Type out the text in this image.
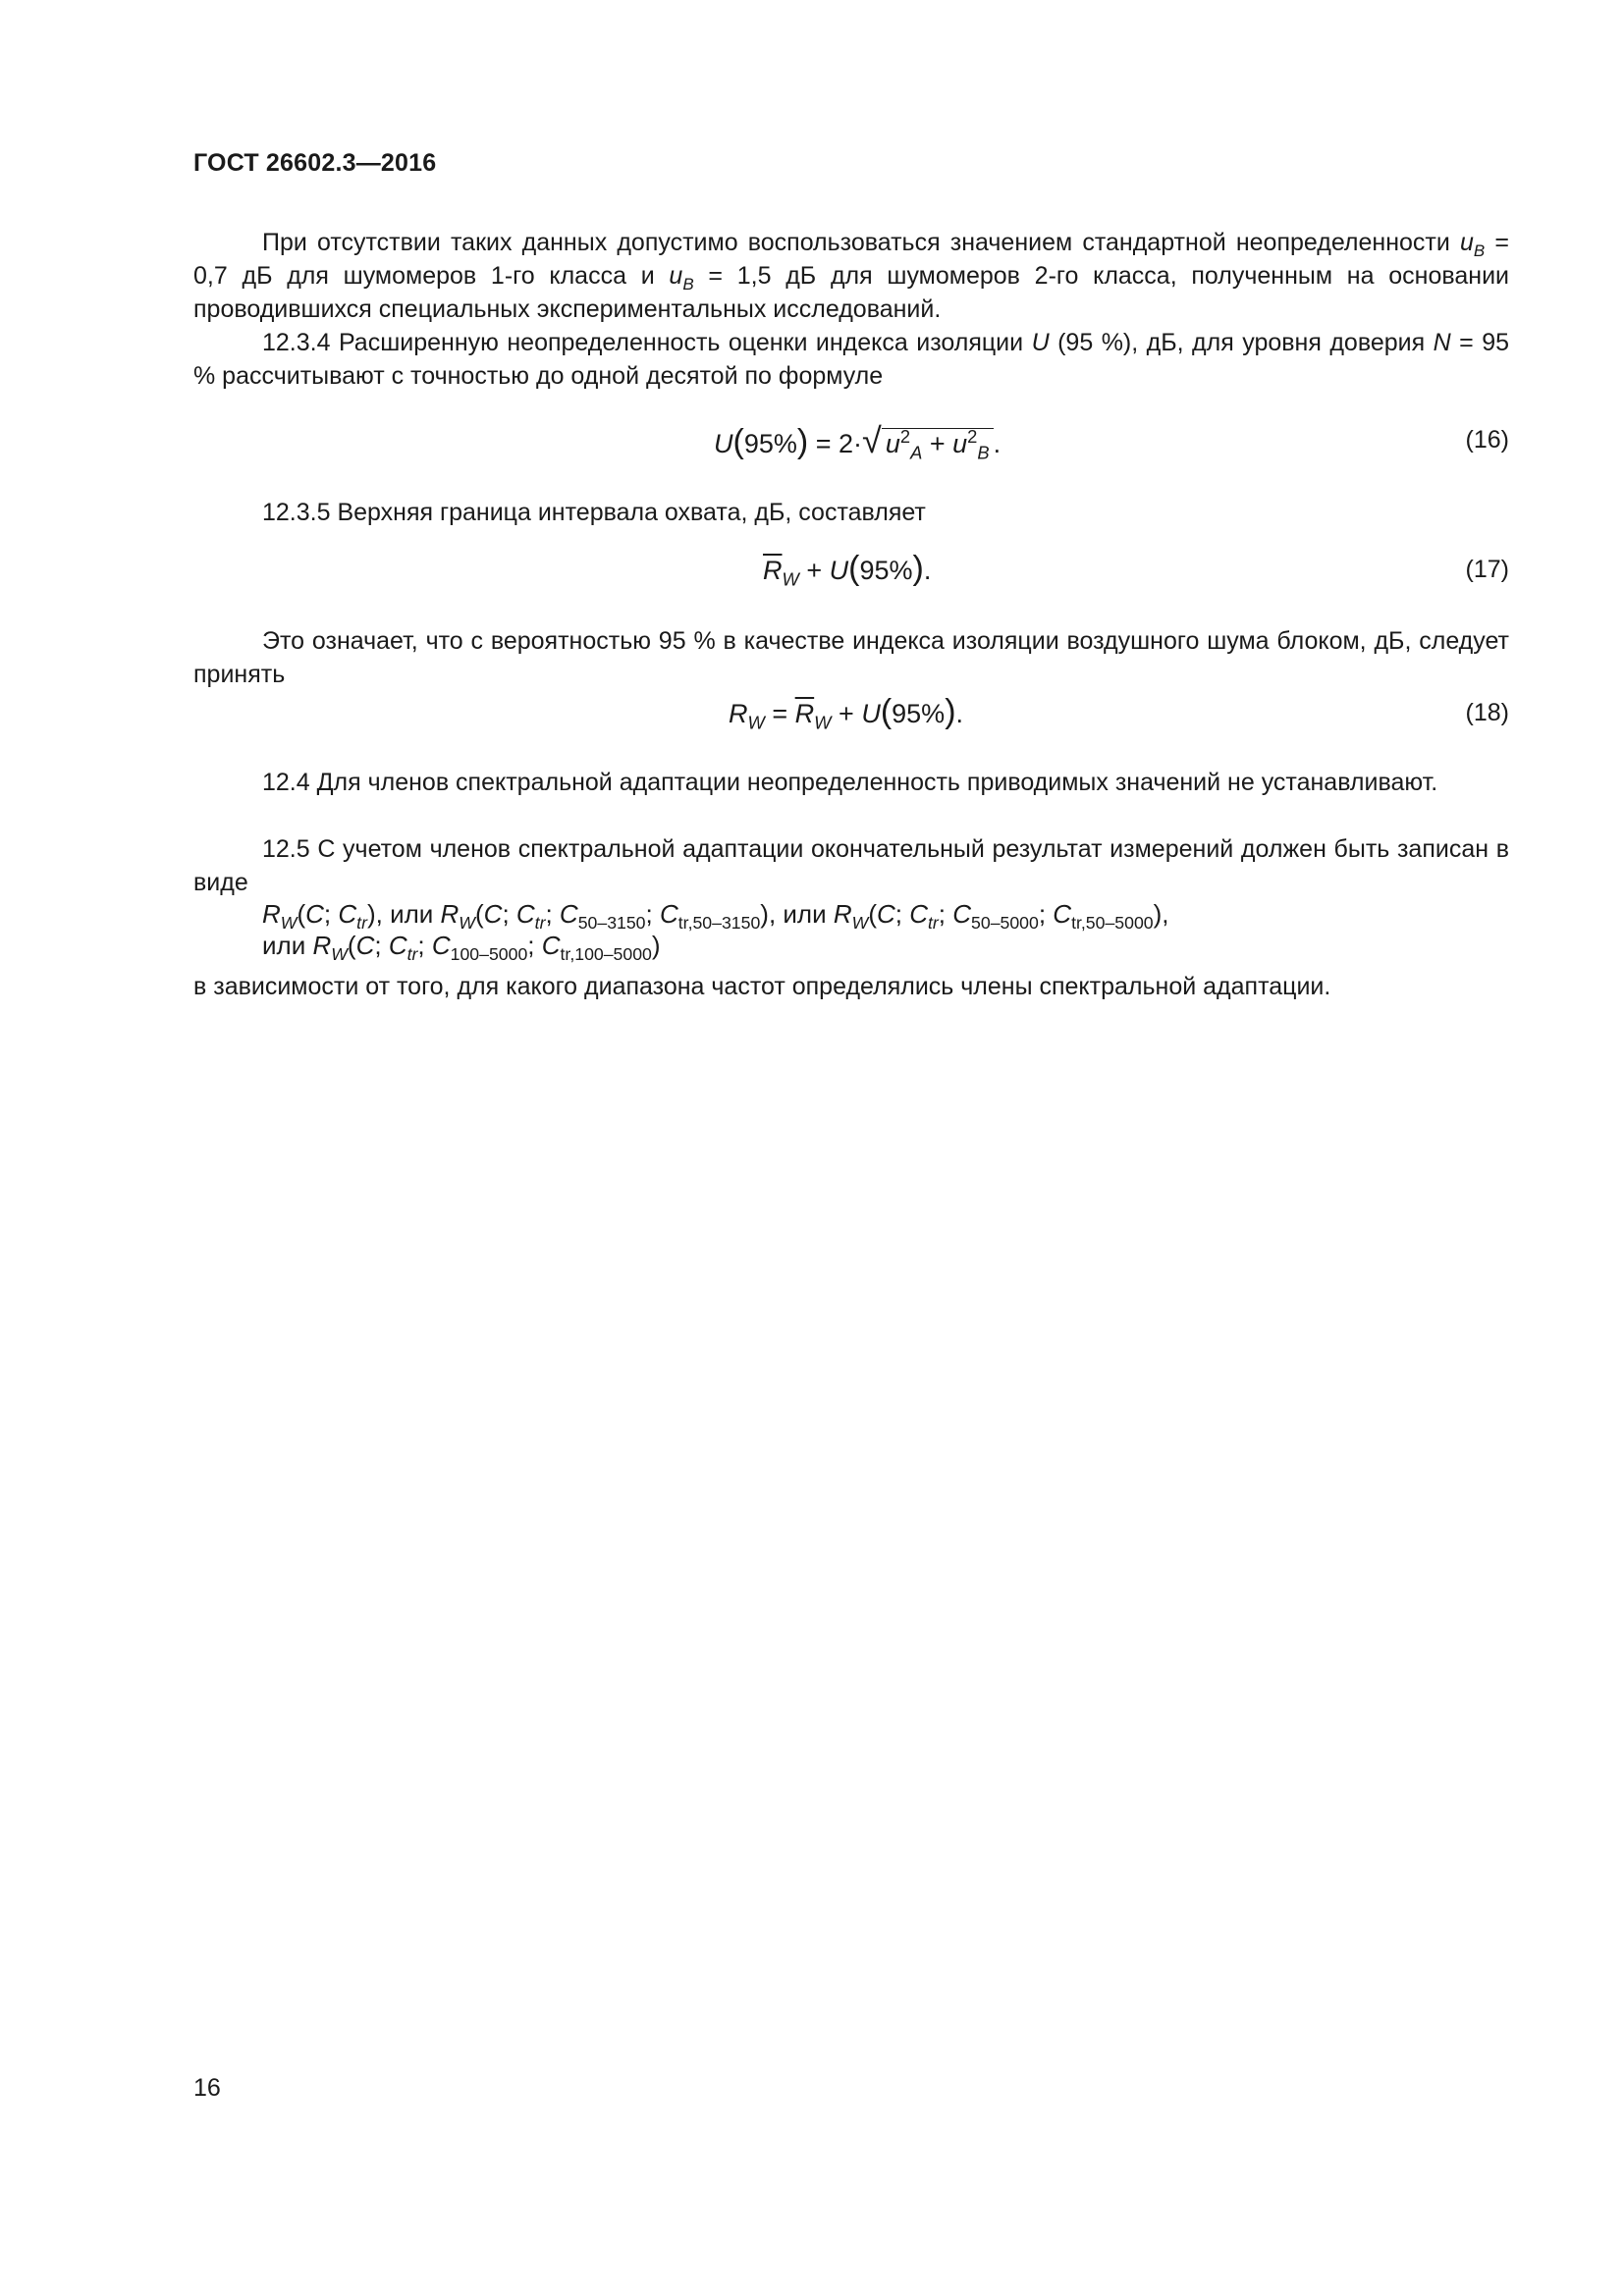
ГОСТ 26602.3—2016

При отсутствии таких данных допустимо воспользоваться значением стандартной неопределенности $u_B = 0,7$ дБ для шумомеров 1-го класса и $u_B = 1,5$ дБ для шумомеров 2-го класса, полученным на основании проводившихся специальных экспериментальных исследований.

12.3.4 Расширенную неопределенность оценки индекса изоляции U (95 %), дБ, для уровня доверия N = 95 % рассчитывают с точностью до одной десятой по формуле

U(95%) = 2·√ $u^2_A + u^2_B$ .	(16)

12.3.5 Верхняя граница интервала охвата, дБ, составляет

$\overline{R}_W + U(95\%)$.	(17)

Это означает, что с вероятностью 95 % в качестве индекса изоляции воздушного шума блоком, дБ, следует принять

$R_W = \overline{R}_W + U(95\%)$.	(18)

12.4 Для членов спектральной адаптации неопределенность приводимых значений не устанавливают.

12.5 С учетом членов спектральной адаптации окончательный результат измерений должен быть записан в виде

$R_W(C$; $C_{tr}$), или $R_W(C$; $C_{tr}$; $C_{50-3150}$; $C_{tr,50-3150}$), или $R_W(C$; $C_{tr}$; $C_{50-5000}$; $C_{tr,50-5000}$),
или $R_W(C$; $C_{tr}$; $C_{100-5000}$; $C_{tr,100-5000}$)

в зависимости от того, для какого диапазона частот определялись члены спектральной адаптации.

16
